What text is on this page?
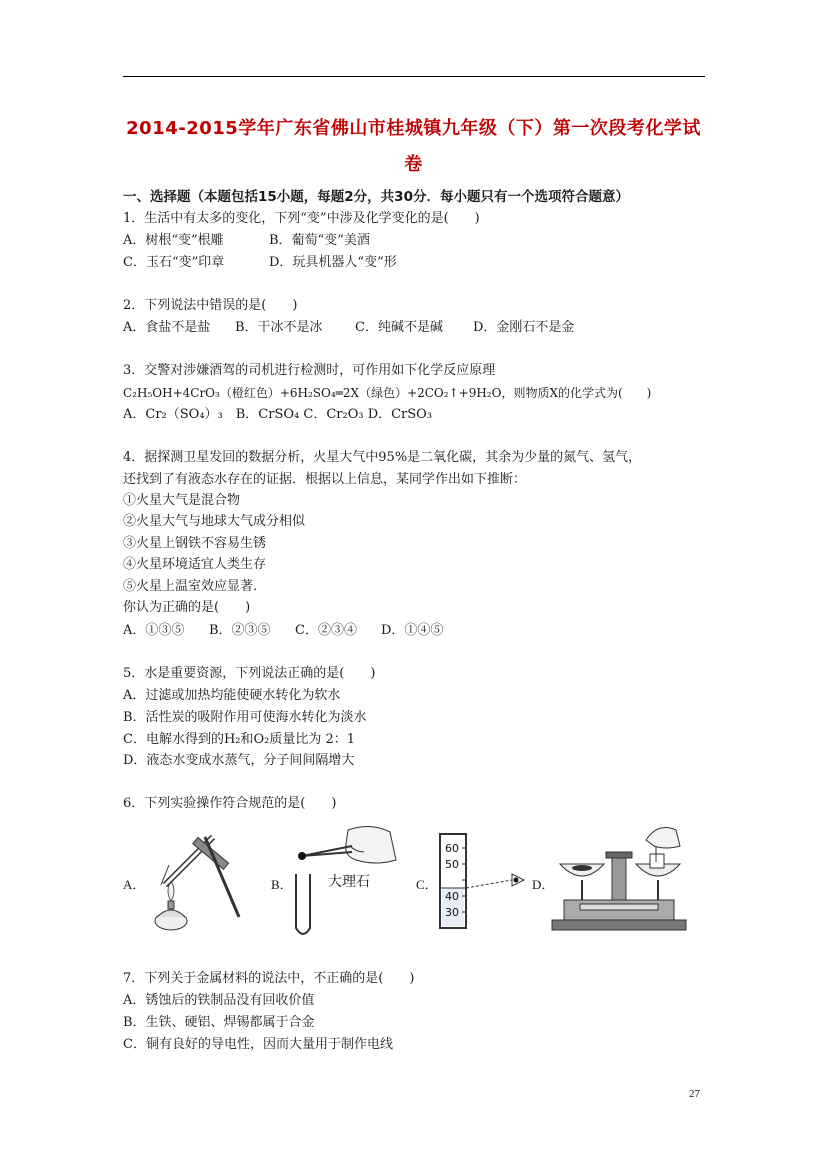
2014-2015学年广东省佛山市桂城镇九年级（下）第一次段考化学试
卷
一、选择题（本题包括15小题，每题2分，共30分．每小题只有一个选项符合题意）
1．生活中有太多的变化，下列“变”中涉及化学变化的是(　　)
A．树根“变”根雕	B．葡萄“变”美酒
C．玉石“变”印章	D．玩具机器人“变”形
2．下列说法中错误的是(　　)
A．食盐不是盐 B．干冰不是冰 C．纯碱不是碱 D．金刚石不是金
3．交警对涉嫌酒驾的司机进行检测时，可作用如下化学反应原理
C₂H₅OH+4CrO₃（橙红色）+6H₂SO₄═2X（绿色）+2CO₂↑+9H₂O，则物质X的化学式为(　　)
A．Cr₂（SO₄）₃　B．CrSO₄ C．Cr₂O₃ D．CrSO₃
4．据探测卫星发回的数据分析，火星大气中95%是二氧化碳，其余为少量的氮气、氢气，
还找到了有液态水存在的证据．根据以上信息，某同学作出如下推断：
①火星大气是混合物
②火星大气与地球大气成分相似
③火星上钢铁不容易生锈
④火星环境适宜人类生存
⑤火星上温室效应显著．
你认为正确的是(　　)
A．①③⑤ B．②③⑤ C．②③④ D．①④⑤
5．水是重要资源，下列说法正确的是(　　)
A．过滤或加热均能使硬水转化为软水
B．活性炭的吸附作用可使海水转化为淡水
C．电解水得到的H₂和O₂质量比为 2：1
D．液态水变成水蒸气，分子间间隔增大
6．下列实验操作符合规范的是(　　)
A．	B．	大理石	C．
60
50
40
30
D．
7．下列关于金属材料的说法中，不正确的是(　　)
A．锈蚀后的铁制品没有回收价值
B．生铁、硬铝、焊锡都属于合金
C．铜有良好的导电性，因而大量用于制作电线
27
